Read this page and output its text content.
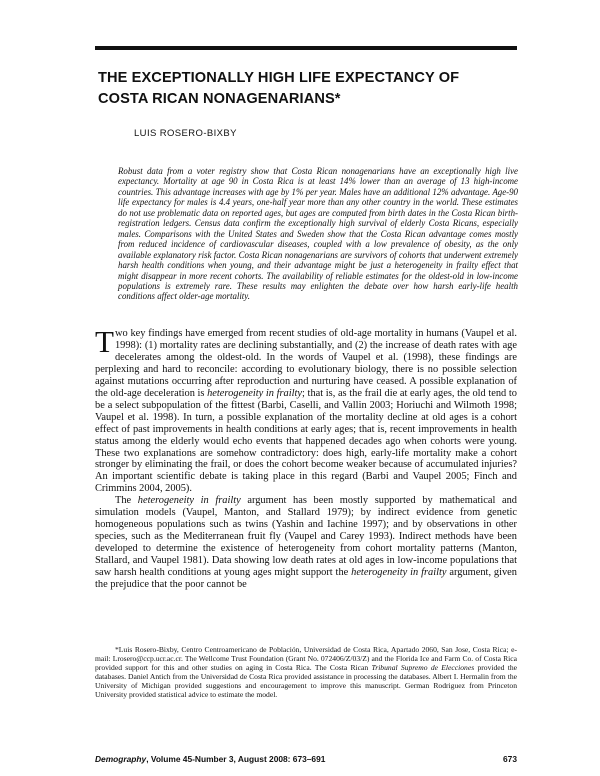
THE EXCEPTIONALLY HIGH LIFE EXPECTANCY OF
COSTA RICAN NONAGENARIANS*
LUIS ROSERO-BIXBY

Robust data from a voter registry show that Costa Rican nonagenarians have an exceptionally high live expectancy. Mortality at age 90 in Costa Rica is at least 14% lower than an average of 13 high-income countries. This advantage increases with age by 1% per year. Males have an additional 12% advantage. Age-90 life expectancy for males is 4.4 years, one-half year more than any other country in the world. These estimates do not use problematic data on reported ages, but ages are computed from birth dates in the Costa Rican birth-registration ledgers. Census data confirm the exceptionally high survival of elderly Costa Ricans, especially males. Comparisons with the United States and Sweden show that the Costa Rican advantage comes mostly from reduced incidence of cardiovascular diseases, coupled with a low prevalence of obesity, as the only available explanatory risk factor. Costa Rican nonagenarians are survivors of cohorts that underwent extremely harsh health conditions when young, and their advantage might be just a heterogeneity in frailty effect that might disappear in more recent cohorts. The availability of reliable estimates for the oldest-old in low-income populations is extremely rare. These results may enlighten the debate over how harsh early-life health conditions affect older-age mortality.

Two key findings have emerged from recent studies of old-age mortality in humans (Vaupel et al. 1998): (1) mortality rates are declining substantially, and (2) the increase of death rates with age decelerates among the oldest-old. In the words of Vaupel et al. (1998), these findings are perplexing and hard to reconcile: according to evolutionary biology, there is no possible selection against mutations occurring after reproduction and nurturing have ceased. A possible explanation of the old-age deceleration is heterogeneity in frailty; that is, as the frail die at early ages, the old tend to be a select subpopulation of the fittest (Barbi, Caselli, and Vallin 2003; Horiuchi and Wilmoth 1998; Vaupel et al. 1998). In turn, a possible explanation of the mortality decline at old ages is a cohort effect of past improvements in health conditions at early ages; that is, recent improvements in health status among the elderly would echo events that happened decades ago when cohorts were young. These two explanations are somehow contradictory: does high, early-life mortality make a cohort stronger by eliminating the frail, or does the cohort become weaker because of accumulated injuries? An important scientific debate is taking place in this regard (Barbi and Vaupel 2005; Finch and Crimmins 2004, 2005).

The heterogeneity in frailty argument has been mostly supported by mathematical and simulation models (Vaupel, Manton, and Stallard 1979); by indirect evidence from genetic homogeneous populations such as twins (Yashin and Iachine 1997); and by observations in other species, such as the Mediterranean fruit fly (Vaupel and Carey 1993). Indirect methods have been developed to determine the existence of heterogeneity from cohort mortality patterns (Manton, Stallard, and Vaupel 1981). Data showing low death rates at old ages in low-income populations that saw harsh health conditions at young ages might support the heterogeneity in frailty argument, given the prejudice that the poor cannot be

*Luis Rosero-Bixby, Centro Centroamericano de Población, Universidad de Costa Rica, Apartado 2060, San Jose, Costa Rica; e-mail: Lrosero@ccp.ucr.ac.cr. The Wellcome Trust Foundation (Grant No. 072406/Z/03/Z) and the Florida Ice and Farm Co. of Costa Rica provided support for this and other studies on aging in Costa Rica. The Costa Rican Tribunal Supremo de Elecciones provided the databases. Daniel Antich from the Universidad de Costa Rica provided assistance in processing the databases. Albert I. Hermalin from the University of Michigan provided suggestions and encouragement to improve this manuscript. German Rodriguez from Princeton University provided statistical advice to estimate the model.

Demography, Volume 45-Number 3, August 2008: 673–691	673
